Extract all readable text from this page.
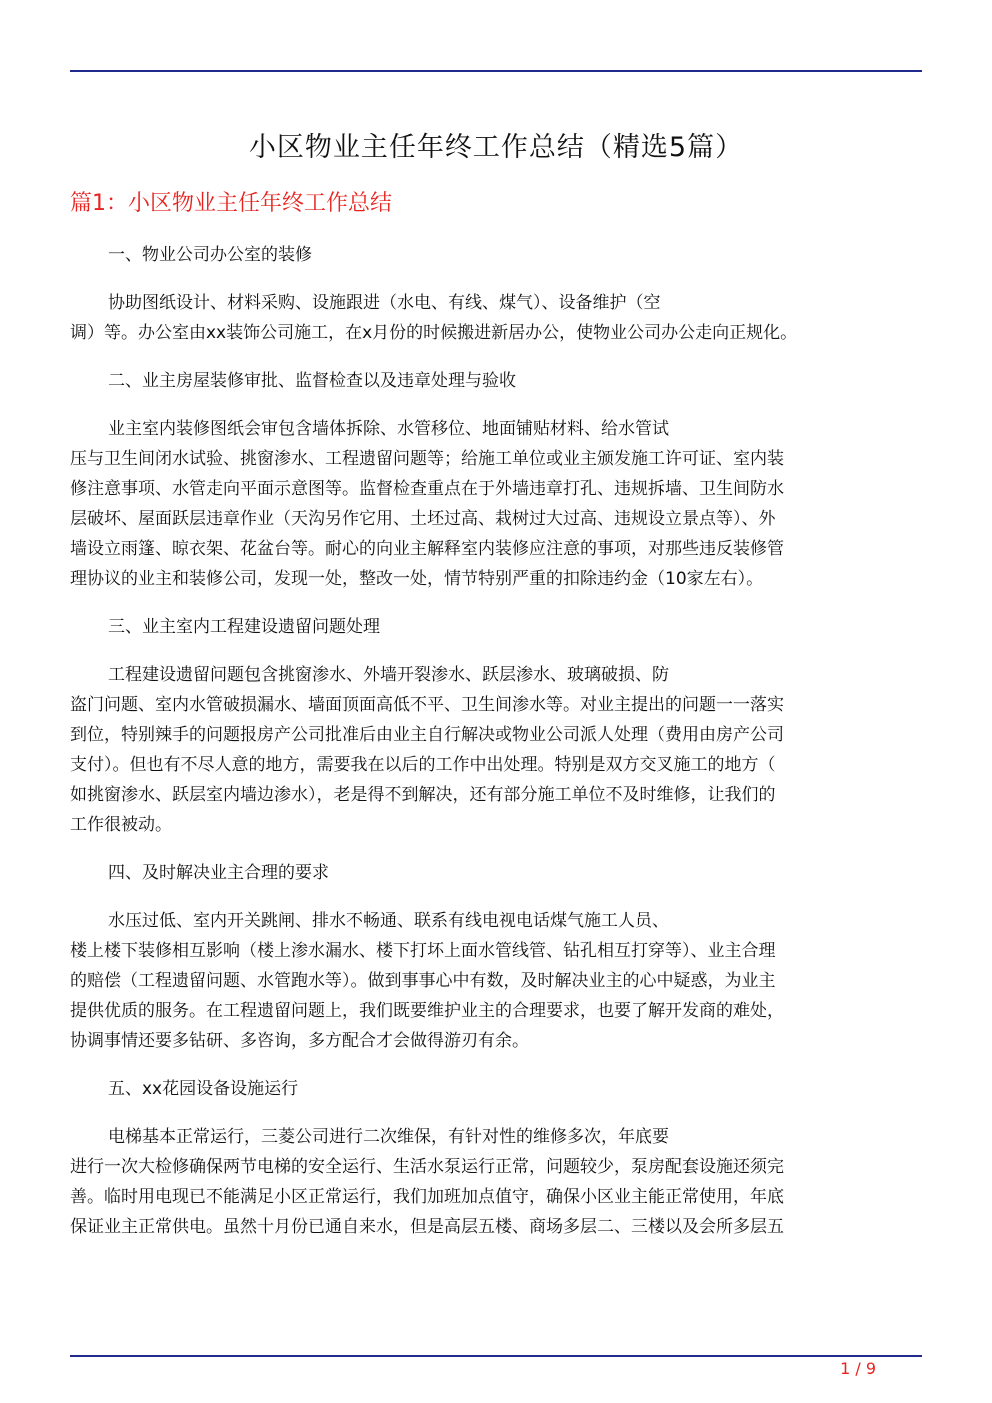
小区物业主任年终工作总结（精选5篇）
篇1：小区物业主任年终工作总结
一、物业公司办公室的装修
协助图纸设计、材料采购、设施跟进（水电、有线、煤气）、设备维护（空
调）等。办公室由xx装饰公司施工，在x月份的时候搬进新居办公，使物业公司办公走向正规化。
二、业主房屋装修审批、监督检查以及违章处理与验收
业主室内装修图纸会审包含墙体拆除、水管移位、地面铺贴材料、给水管试
压与卫生间闭水试验、挑窗渗水、工程遗留问题等；给施工单位或业主颁发施工许可证、室内装
修注意事项、水管走向平面示意图等。监督检查重点在于外墙违章打孔、违规拆墙、卫生间防水
层破坏、屋面跃层违章作业（天沟另作它用、土坯过高、栽树过大过高、违规设立景点等）、外
墙设立雨篷、晾衣架、花盆台等。耐心的向业主解释室内装修应注意的事项，对那些违反装修管
理协议的业主和装修公司，发现一处，整改一处，情节特别严重的扣除违约金（10家左右）。
三、业主室内工程建设遗留问题处理
工程建设遗留问题包含挑窗渗水、外墙开裂渗水、跃层渗水、玻璃破损、防
盗门问题、室内水管破损漏水、墙面顶面高低不平、卫生间渗水等。对业主提出的问题一一落实
到位，特别辣手的问题报房产公司批准后由业主自行解决或物业公司派人处理（费用由房产公司
支付）。但也有不尽人意的地方，需要我在以后的工作中出处理。特别是双方交叉施工的地方（
如挑窗渗水、跃层室内墙边渗水），老是得不到解决，还有部分施工单位不及时维修，让我们的
工作很被动。
四、及时解决业主合理的要求
水压过低、室内开关跳闸、排水不畅通、联系有线电视电话煤气施工人员、
楼上楼下装修相互影响（楼上渗水漏水、楼下打坏上面水管线管、钻孔相互打穿等）、业主合理
的赔偿（工程遗留问题、水管跑水等）。做到事事心中有数，及时解决业主的心中疑惑，为业主
提供优质的服务。在工程遗留问题上，我们既要维护业主的合理要求，也要了解开发商的难处，
协调事情还要多钻研、多咨询，多方配合才会做得游刃有余。
五、xx花园设备设施运行
电梯基本正常运行，三菱公司进行二次维保，有针对性的维修多次，年底要
进行一次大检修确保两节电梯的安全运行、生活水泵运行正常，问题较少，泵房配套设施还须完
善。临时用电现已不能满足小区正常运行，我们加班加点值守，确保小区业主能正常使用，年底
保证业主正常供电。虽然十月份已通自来水，但是高层五楼、商场多层二、三楼以及会所多层五
1 / 9
